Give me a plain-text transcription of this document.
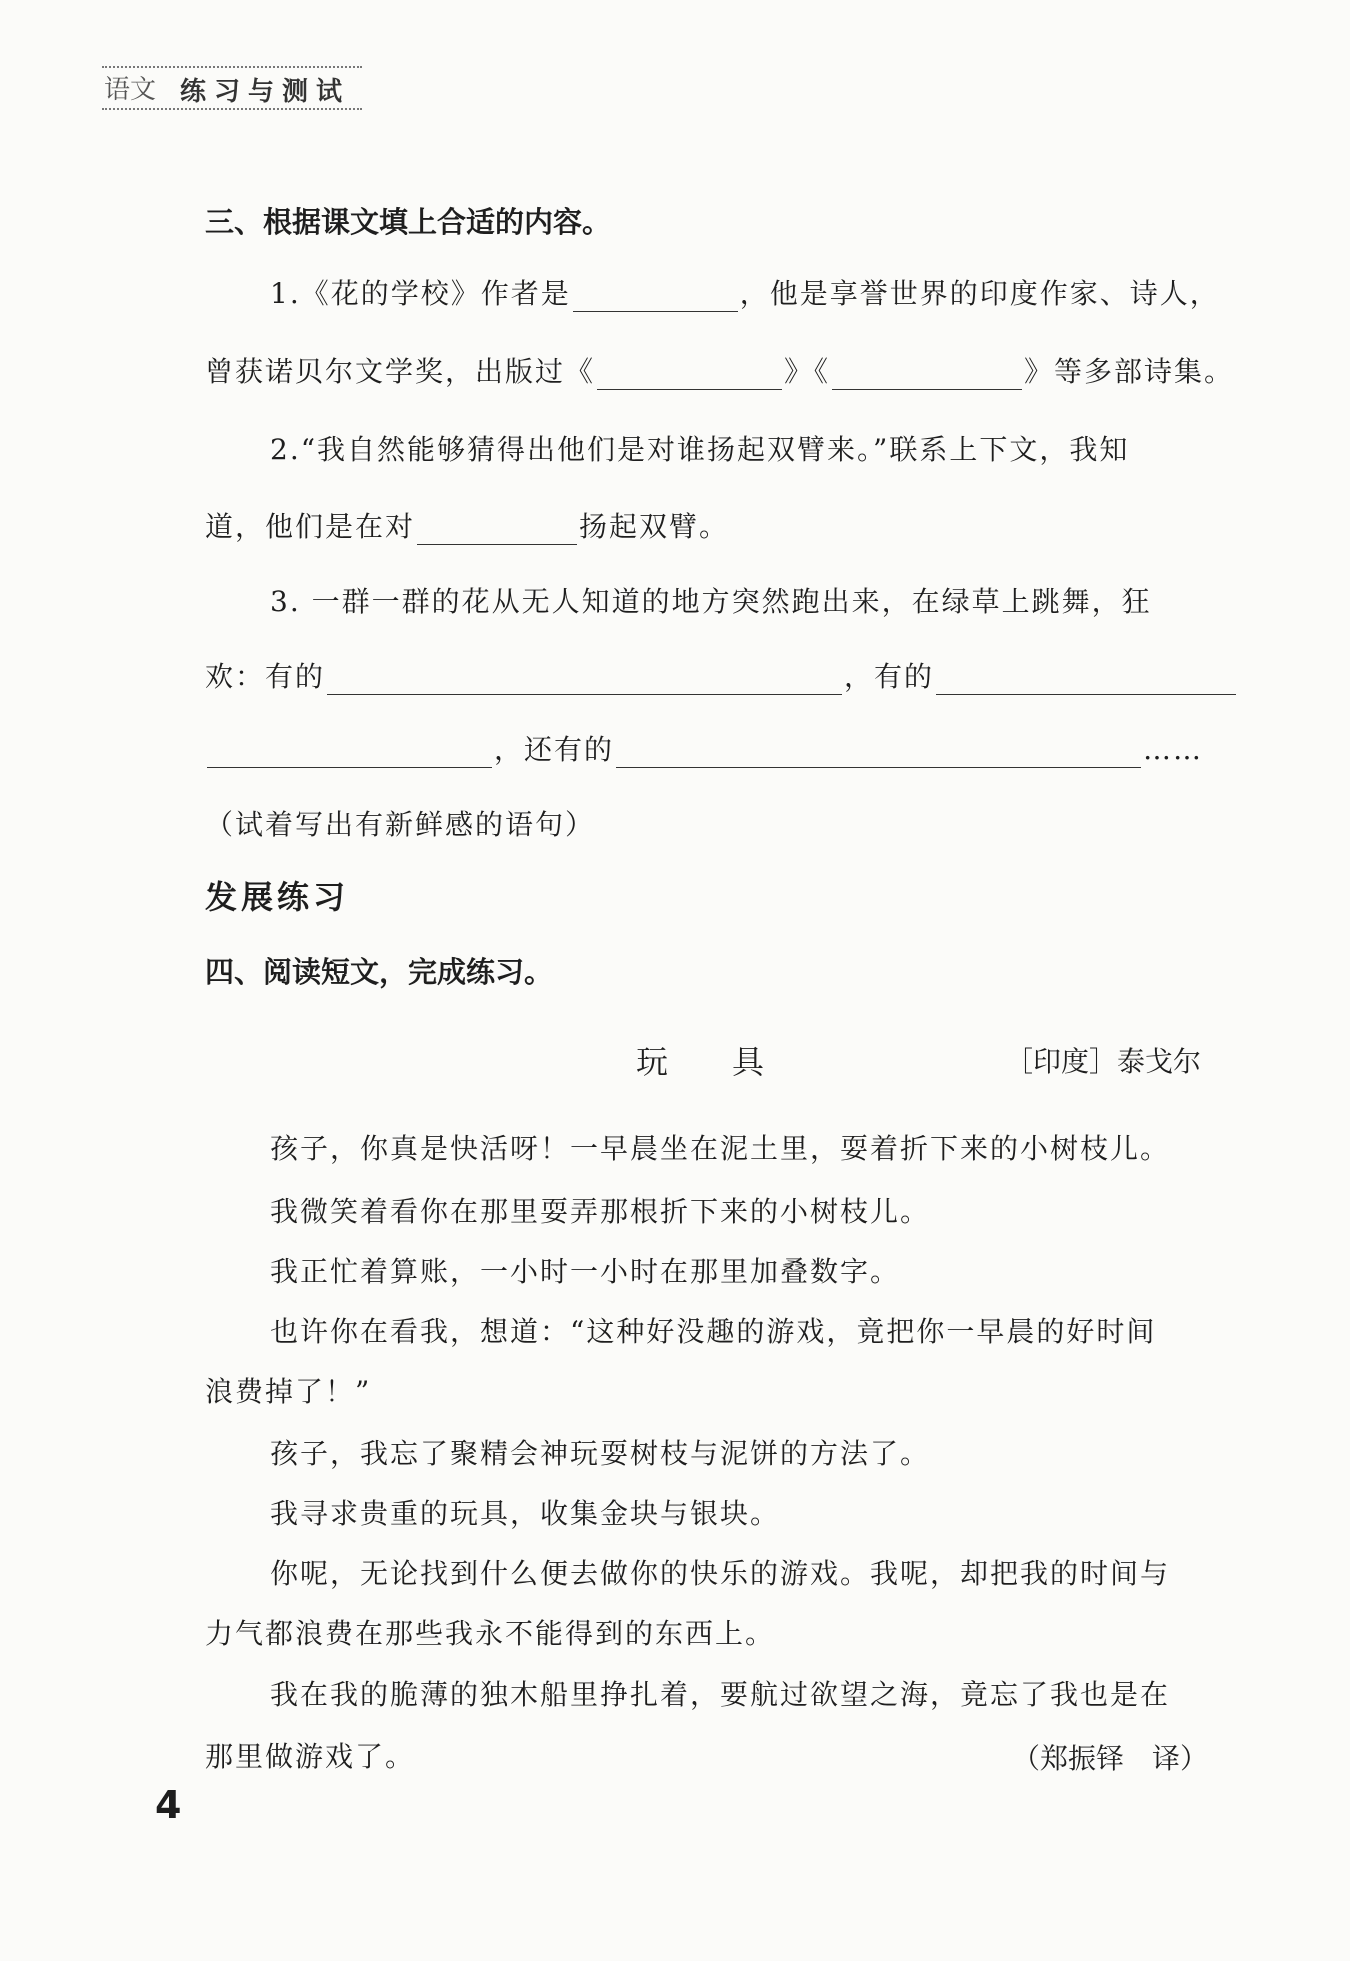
语文 练习与测试
三、根据课文填上合适的内容。
1.《花的学校》作者是	，他是享誉世界的印度作家、诗人，
曾获诺贝尔文学奖，出版过《	》《	》等多部诗集。
2.“我自然能够猜得出他们是对谁扬起双臂来。”联系上下文，我知
道，他们是在对	扬起双臂。
3. 一群一群的花从无人知道的地方突然跑出来，在绿草上跳舞，狂
欢：有的	，有的
，还有的	……
（试着写出有新鲜感的语句）
发展练习
四、阅读短文，完成练习。
玩　　具	［印度］泰戈尔
孩子，你真是快活呀！一早晨坐在泥土里，耍着折下来的小树枝儿。
我微笑着看你在那里耍弄那根折下来的小树枝儿。
我正忙着算账，一小时一小时在那里加叠数字。
也许你在看我，想道：“这种好没趣的游戏，竟把你一早晨的好时间
浪费掉了！”
孩子，我忘了聚精会神玩耍树枝与泥饼的方法了。
我寻求贵重的玩具，收集金块与银块。
你呢，无论找到什么便去做你的快乐的游戏。我呢，却把我的时间与
力气都浪费在那些我永不能得到的东西上。
我在我的脆薄的独木船里挣扎着，要航过欲望之海，竟忘了我也是在
那里做游戏了。	（郑振铎　译）
4
